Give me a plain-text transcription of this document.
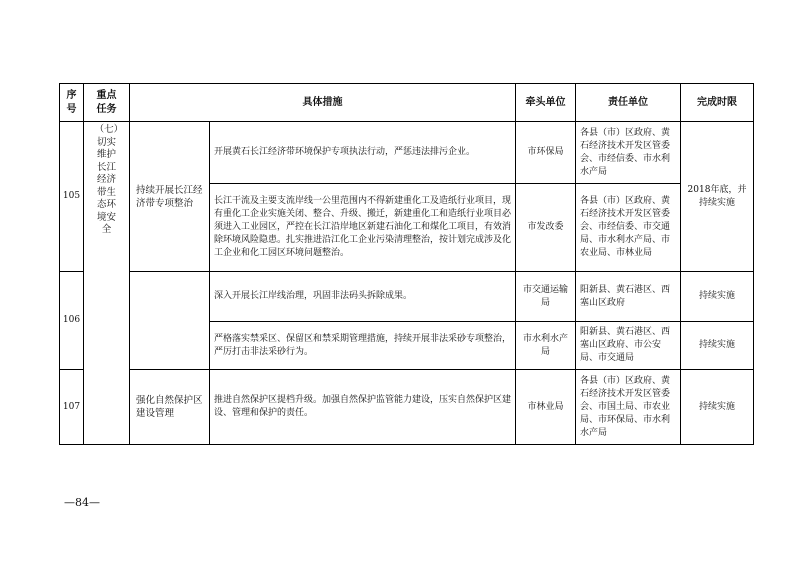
序号	重点任务	具体措施		牵头单位	责任单位	完成时限
105	（七）切实维护长江经济带生态环境安全	持续开展长江经济带专项整治	开展黄石长江经济带环境保护专项执法行动，严惩违法排污企业。	市环保局	各县（市）区政府、黄石经济技术开发区管委会、市经信委、市水利水产局	2018年底，并持续实施
			长江干流及主要支流岸线一公里范围内不得新建重化工及造纸行业项目，现有重化工企业实施关闭、整合、升级、搬迁，新建重化工和造纸行业项目必须进入工业园区，严控在长江沿岸地区新建石油化工和煤化工项目，有效消除环境风险隐患。扎实推进沿江化工企业污染清理整治，按计划完成涉及化工企业和化工园区环境问题整治。	市发改委	各县（市）区政府、黄石经济技术开发区管委会、市经信委、市交通局、市水利水产局、市农业局、市林业局	
106			深入开展长江岸线治理，巩固非法码头拆除成果。	市交通运输局	阳新县、黄石港区、西塞山区政府	持续实施
			严格落实禁采区、保留区和禁采期管理措施，持续开展非法采砂专项整治，严厉打击非法采砂行为。	市水利水产局	阳新县、黄石港区、西塞山区政府、市公安局、市交通局	持续实施
107		强化自然保护区建设管理	推进自然保护区提档升级。加强自然保护监管能力建设，压实自然保护区建设、管理和保护的责任。	市林业局	各县（市）区政府、黄石经济技术开发区管委会、市国土局、市农业局、市环保局、市水利水产局	持续实施
—84—
